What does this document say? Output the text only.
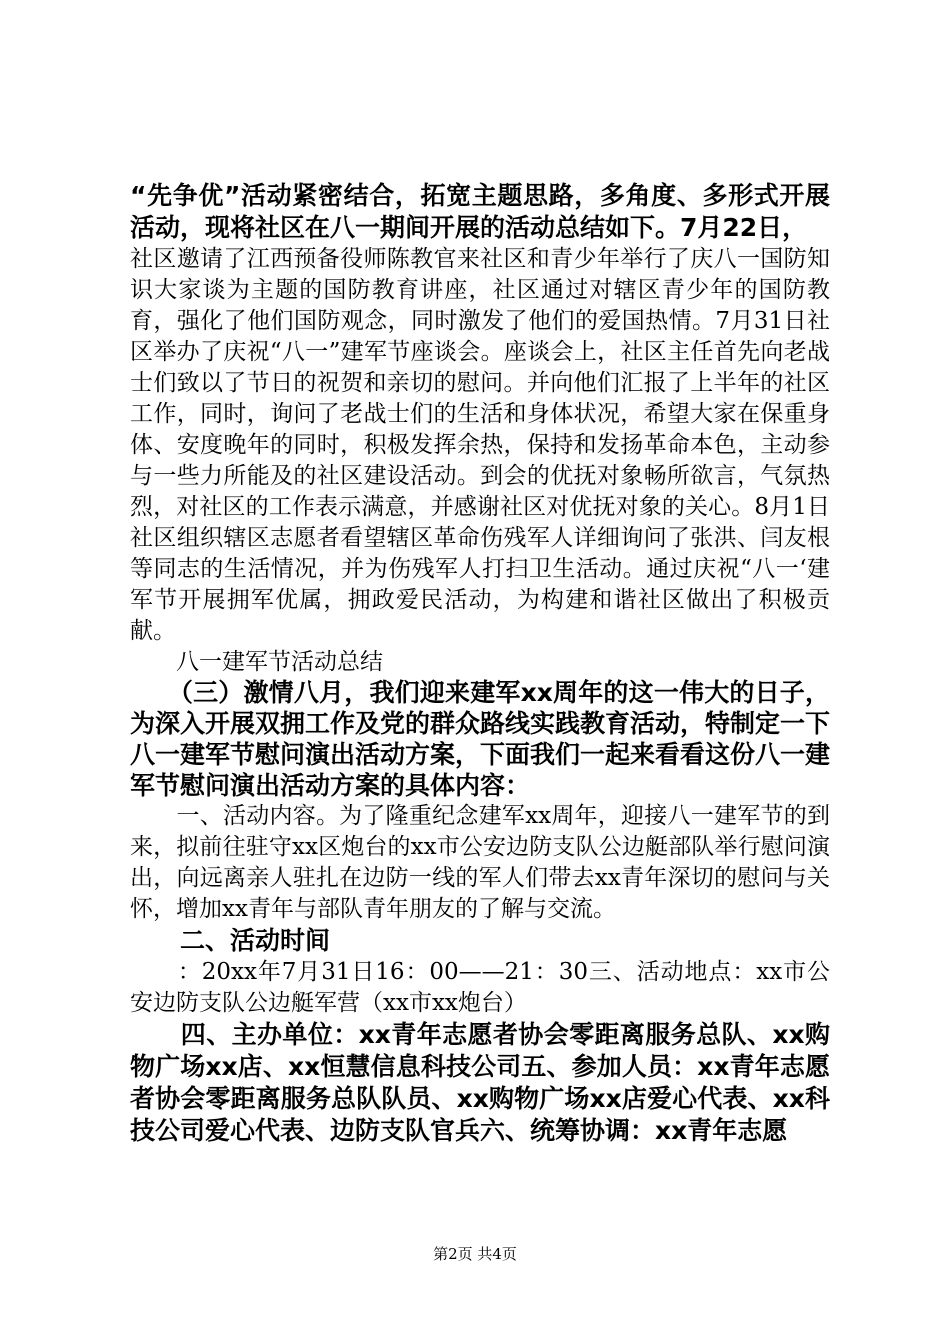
“先争优”活动紧密结合，拓宽主题思路，多角度、多形式开展活动，现将社区在八一期间开展的活动总结如下。7月22日，

社区邀请了江西预备役师陈教官来社区和青少年举行了庆八一国防知识大家谈为主题的国防教育讲座，社区通过对辖区青少年的国防教育，强化了他们国防观念，同时激发了他们的爱国热情。7月31日社区举办了庆祝“八一”建军节座谈会。座谈会上，社区主任首先向老战士们致以了节日的祝贺和亲切的慰问。并向他们汇报了上半年的社区工作，同时，询问了老战士们的生活和身体状况，希望大家在保重身体、安度晚年的同时，积极发挥余热，保持和发扬革命本色，主动参与一些力所能及的社区建设活动。到会的优抚对象畅所欲言，气氛热烈，对社区的工作表示满意，并感谢社区对优抚对象的关心。8月1日社区组织辖区志愿者看望辖区革命伤残军人详细询问了张洪、闫友根等同志的生活情况，并为伤残军人打扫卫生活动。通过庆祝“八一‘建军节开展拥军优属，拥政爱民活动，为构建和谐社区做出了积极贡献。

　　八一建军节活动总结

　　（三）激情八月，我们迎来建军xx周年的这一伟大的日子，为深入开展双拥工作及党的群众路线实践教育活动，特制定一下八一建军节慰问演出活动方案，下面我们一起来看看这份八一建军节慰问演出活动方案的具体内容：

　　一、活动内容。为了隆重纪念建军xx周年，迎接八一建军节的到来，拟前往驻守xx区炮台的xx市公安边防支队公边艇部队举行慰问演出，向远离亲人驻扎在边防一线的军人们带去xx青年深切的慰问与关怀，增加xx青年与部队青年朋友的了解与交流。

　　二、活动时间

　　：20xx年7月31日16：00——21：30三、活动地点：xx市公安边防支队公边艇军营（xx市xx炮台）

　　四、主办单位：xx青年志愿者协会零距离服务总队、xx购物广场xx店、xx恒慧信息科技公司五、参加人员：xx青年志愿者协会零距离服务总队队员、xx购物广场xx店爱心代表、xx科技公司爱心代表、边防支队官兵六、统筹协调：xx青年志愿

第2页 共4页
